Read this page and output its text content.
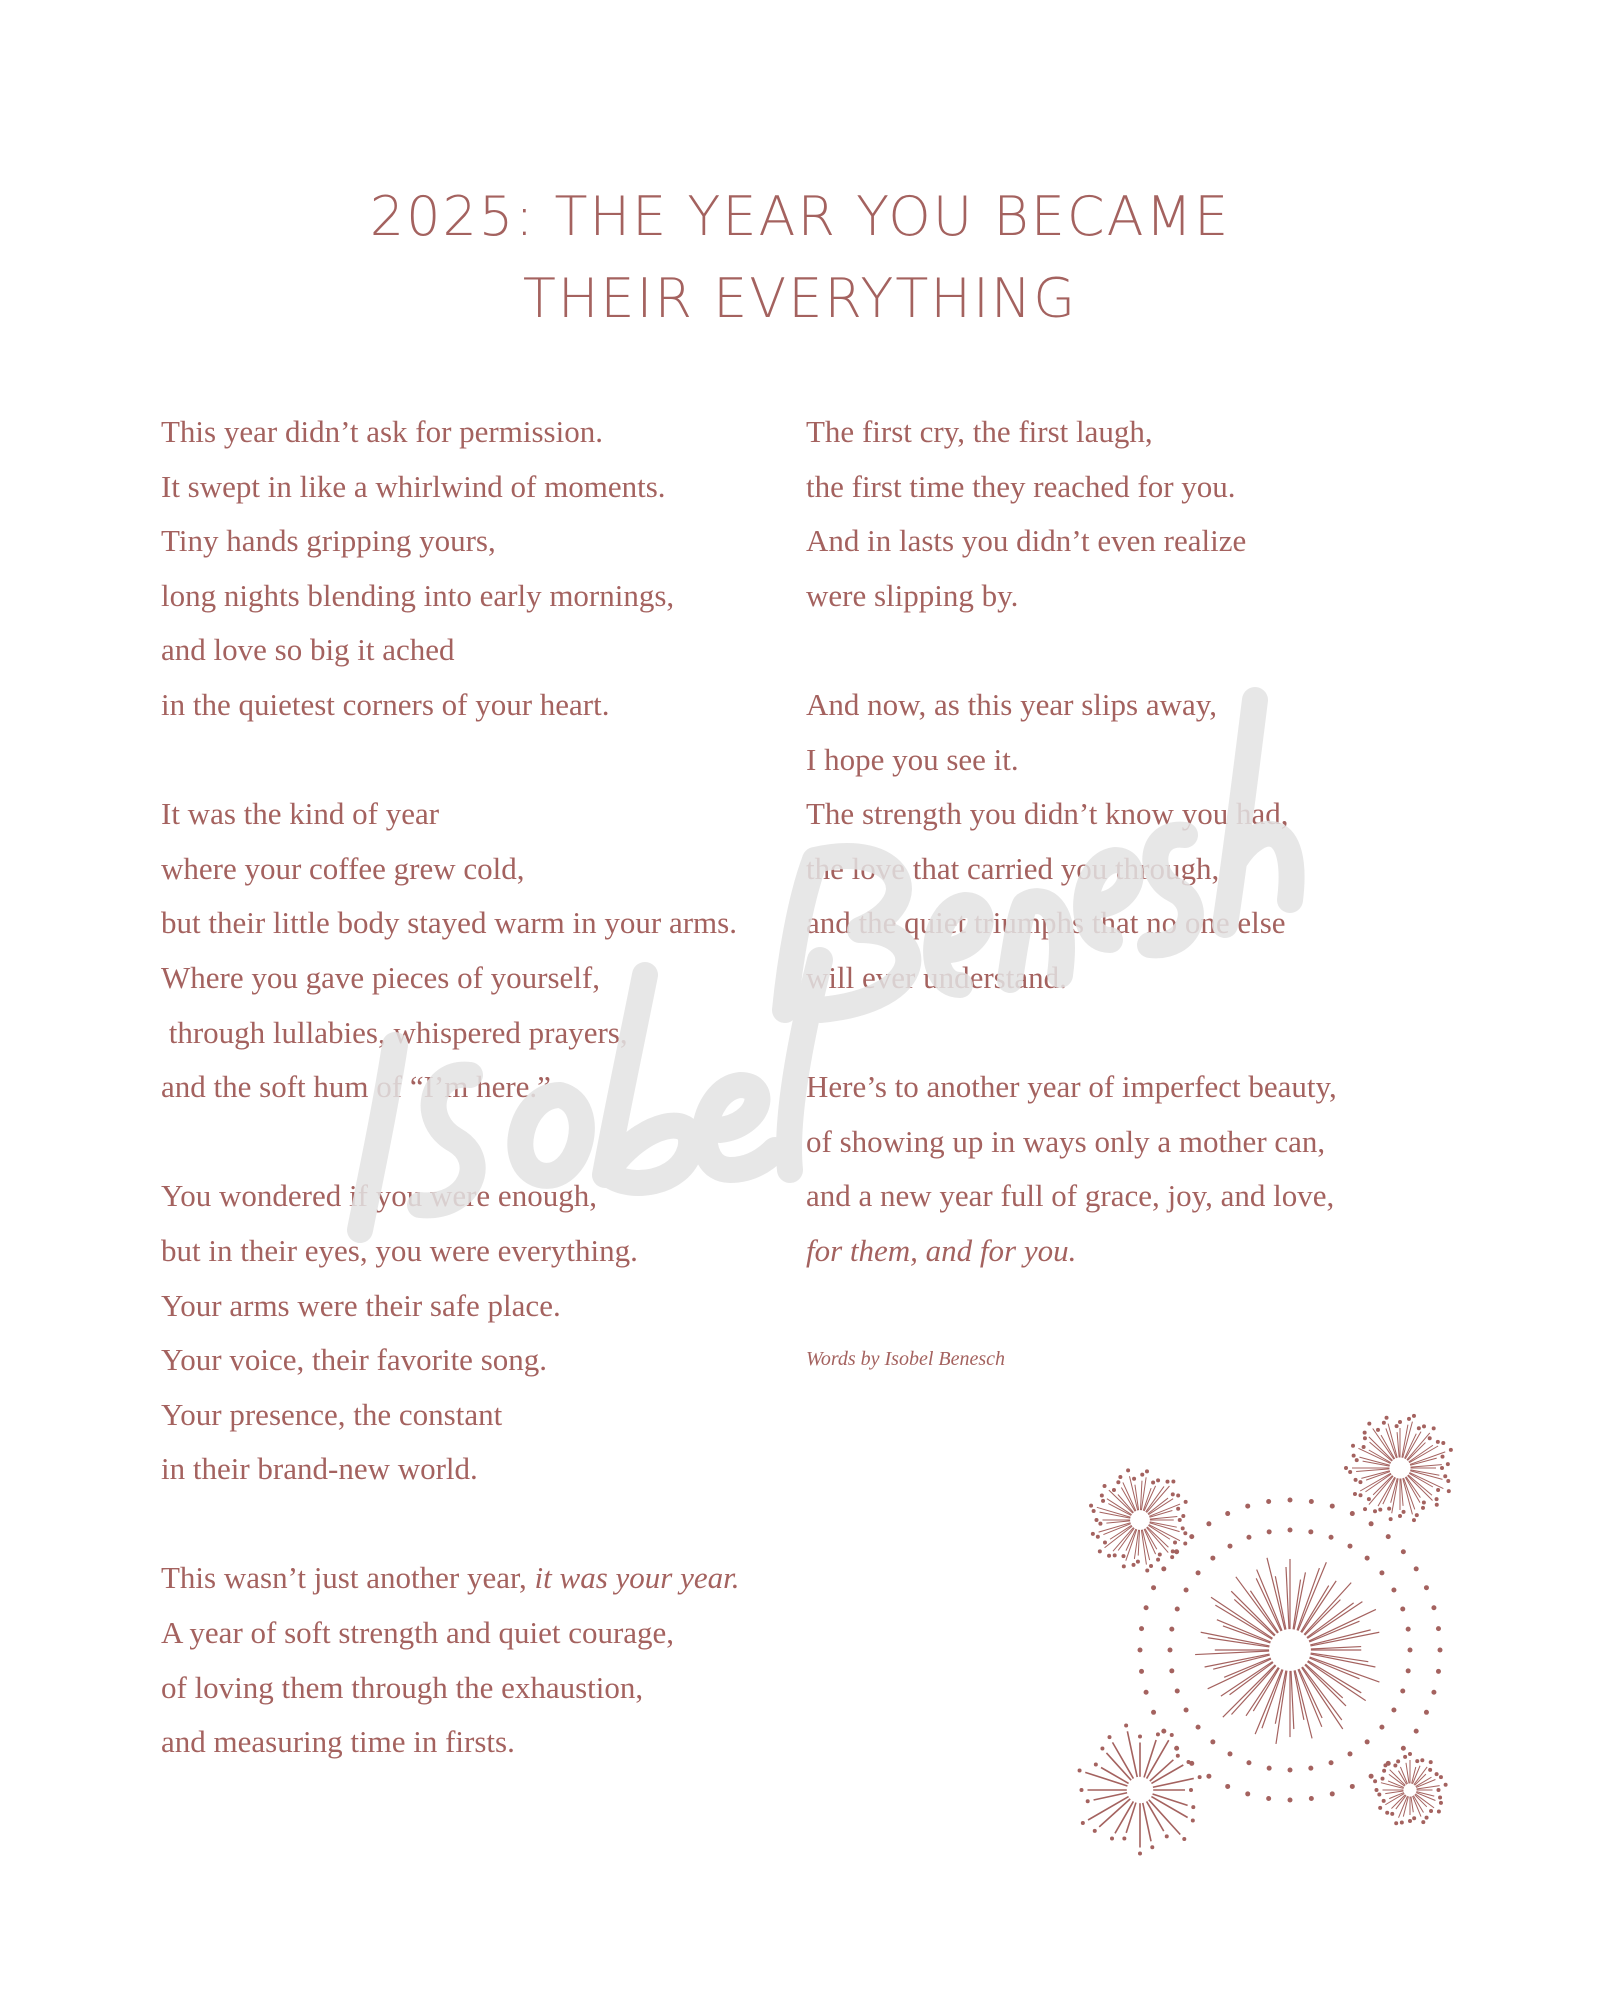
2025: THE YEAR YOU BECAME
THEIR EVERYTHING
This year didn’t ask for permission.
It swept in like a whirlwind of moments.
Tiny hands gripping yours,
long nights blending into early mornings,
and love so big it ached
in the quietest corners of your heart.
It was the kind of year
where your coffee grew cold,
but their little body stayed warm in your arms.
Where you gave pieces of yourself,
through lullabies, whispered prayers,
and the soft hum of “I’m here.”
You wondered if you were enough,
but in their eyes, you were everything.
Your arms were their safe place.
Your voice, their favorite song.
Your presence, the constant
in their brand-new world.
This wasn’t just another year, it was your year.
A year of soft strength and quiet courage,
of loving them through the exhaustion,
and measuring time in firsts.
The first cry, the first laugh,
the first time they reached for you.
And in lasts you didn’t even realize
were slipping by.
And now, as this year slips away,
I hope you see it.
The strength you didn’t know you had,
the love that carried you through,
and the quiet triumphs that no one else
will ever understand.
Here’s to another year of imperfect beauty,
of showing up in ways only a mother can,
and a new year full of grace, joy, and love,
for them, and for you.
Words by Isobel Benesch
